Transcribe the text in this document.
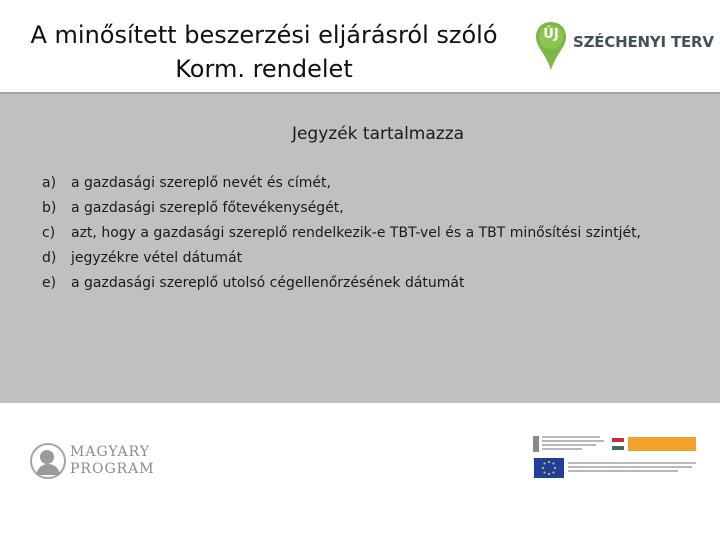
A minősített beszerzési eljárásról szóló
Korm. rendelet
ÚJ SZÉCHENYI TERV
Jegyzék tartalmazza
a)	a gazdasági szereplő nevét és címét,
b)	a gazdasági szereplő főtevékenységét,
c)	azt, hogy a gazdasági szereplő rendelkezik-e TBT-vel és a TBT minősítési szintjét,
d)	jegyzékre vétel dátumát
e)	a gazdasági szereplő utolsó cégellenőrzésének dátumát
MAGYARY
PROGRAM
